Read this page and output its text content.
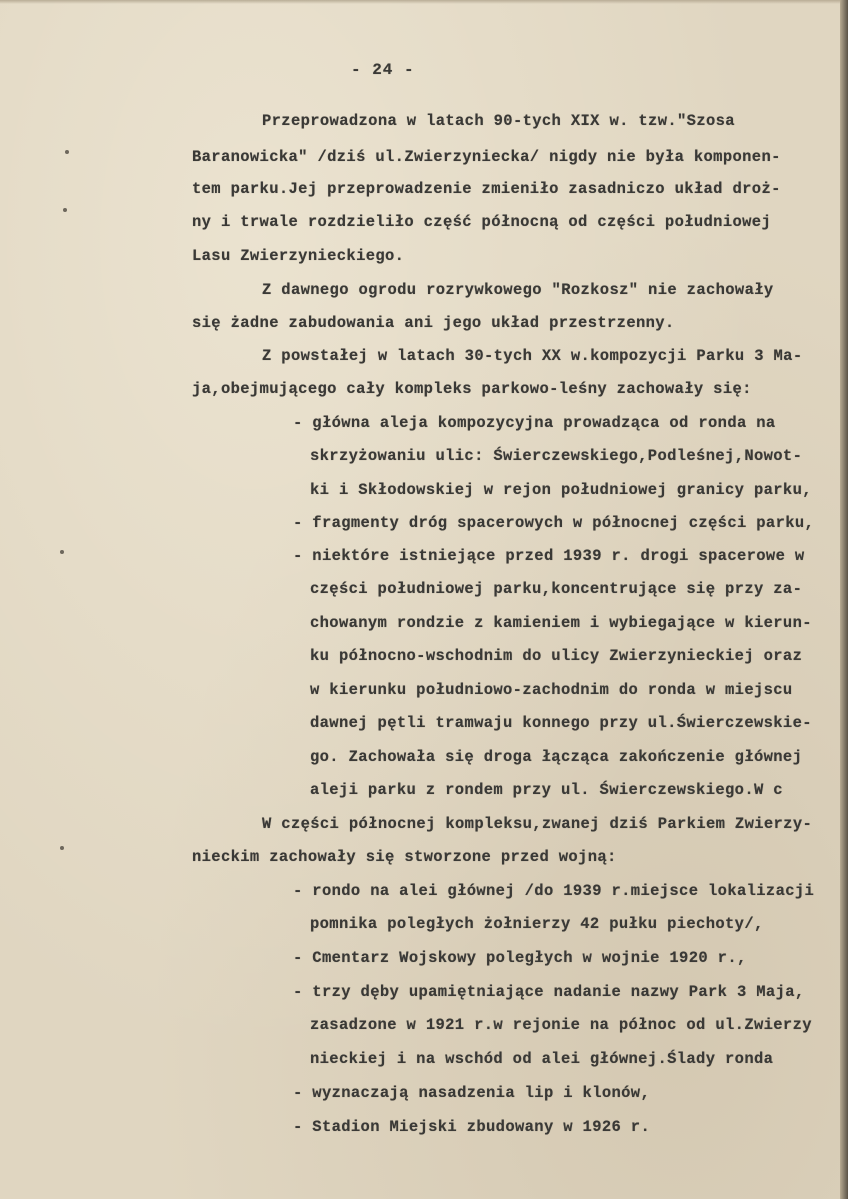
- 24 -

Przeprowadzona w latach 90-tych XIX w. tzw."Szosa

Baranowicka" /dziś ul.Zwierzyniecka/ nigdy nie była komponen-

tem parku.Jej przeprowadzenie zmieniło zasadniczo układ droż-

ny i trwale rozdzieliło część północną od części południowej

Lasu Zwierzynieckiego.

Z dawnego ogrodu rozrywkowego "Rozkosz" nie zachowały

się żadne zabudowania ani jego układ przestrzenny.

Z powstałej w latach 30-tych XX w.kompozycji Parku 3 Ma-

ja,obejmującego cały kompleks parkowo-leśny zachowały się:

- główna aleja kompozycyjna prowadząca od ronda na

skrzyżowaniu ulic: Świerczewskiego,Podleśnej,Nowot-

ki i Skłodowskiej w rejon południowej granicy parku,

- fragmenty dróg spacerowych w północnej części parku,

- niektóre istniejące przed 1939 r. drogi spacerowe w

części południowej parku,koncentrujące się przy za-

chowanym rondzie z kamieniem i wybiegające w kierun-

ku północno-wschodnim do ulicy Zwierzynieckiej oraz

w kierunku południowo-zachodnim do ronda w miejscu

dawnej pętli tramwaju konnego przy ul.Świerczewskie-

go. Zachowała się droga łącząca zakończenie głównej

aleji parku z rondem przy ul. Świerczewskiego.W c

W części północnej kompleksu,zwanej dziś Parkiem Zwierzy-

nieckim zachowały się stworzone przed wojną:

- rondo na alei głównej /do 1939 r.miejsce lokalizacji

pomnika poległych żołnierzy 42 pułku piechoty/,

- Cmentarz Wojskowy poległych w wojnie 1920 r.,

- trzy dęby upamiętniające nadanie nazwy Park 3 Maja,

zasadzone w 1921 r.w rejonie na północ od ul.Zwierzy

nieckiej i na wschód od alei głównej.Ślady ronda

- wyznaczają nasadzenia lip i klonów,

- Stadion Miejski zbudowany w 1926 r.
